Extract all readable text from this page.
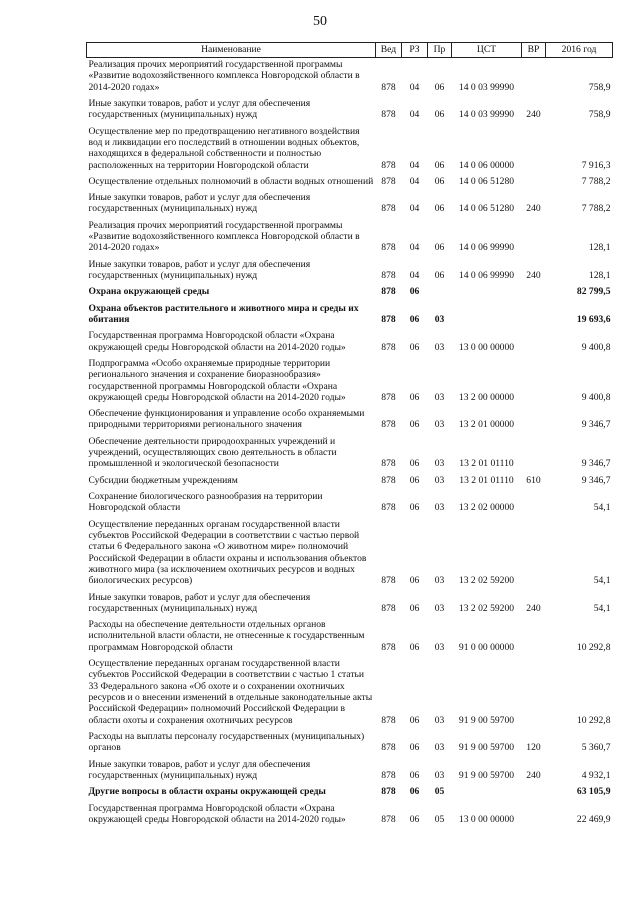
50
Наименование	Вед	РЗ	Пр	ЦСТ	ВР	2016 год
Реализация прочих мероприятий государственной программы «Развитие водохозяйственного комплекса Новгородской области в 2014-2020 годах»	878	04	06	14 0 03 99990		758,9
Иные закупки товаров, работ и услуг для обеспечения государственных (муниципальных) нужд	878	04	06	14 0 03 99990	240	758,9
Осуществление мер по предотвращению негативного воздействия вод и ликвидации его последствий в отношении водных объектов, находящихся в федеральной собственности и полностью расположенных на территории Новгородской области	878	04	06	14 0 06 00000		7 916,3
Осуществление отдельных полномочий в области водных отношений	878	04	06	14 0 06 51280		7 788,2
Иные закупки товаров, работ и услуг для обеспечения государственных (муниципальных) нужд	878	04	06	14 0 06 51280	240	7 788,2
Реализация прочих мероприятий государственной программы «Развитие водохозяйственного комплекса Новгородской области в 2014-2020 годах»	878	04	06	14 0 06 99990		128,1
Иные закупки товаров, работ и услуг для обеспечения государственных (муниципальных) нужд	878	04	06	14 0 06 99990	240	128,1
Охрана окружающей среды	878	06				82 799,5
Охрана объектов растительного и животного мира и среды их обитания	878	06	03			19 693,6
Государственная программа Новгородской области «Охрана окружающей среды Новгородской области на 2014-2020 годы»	878	06	03	13 0 00 00000		9 400,8
Подпрограмма «Особо охраняемые природные территории регионального значения и сохранение биоразнообразия» государственной программы Новгородской области «Охрана окружающей среды Новгородской области на 2014-2020 годы»	878	06	03	13 2 00 00000		9 400,8
Обеспечение функционирования и управление особо охраняемыми природными территориями регионального значения	878	06	03	13 2 01 00000		9 346,7
Обеспечение деятельности природоохранных учреждений и учреждений, осуществляющих свою деятельность в области промышленной и экологической безопасности	878	06	03	13 2 01 01110		9 346,7
Субсидии бюджетным учреждениям	878	06	03	13 2 01 01110	610	9 346,7
Сохранение биологического разнообразия на территории Новгородской области	878	06	03	13 2 02 00000		54,1
Осуществление переданных органам государственной власти субъектов Российской Федерации в соответствии с частью первой статьи 6 Федерального закона «О животном мире» полномочий Российской Федерации в области охраны и использования объектов животного мира (за исключением охотничьих ресурсов и водных биологических ресурсов)	878	06	03	13 2 02 59200		54,1
Иные закупки товаров, работ и услуг для обеспечения государственных (муниципальных) нужд	878	06	03	13 2 02 59200	240	54,1
Расходы на обеспечение деятельности отдельных органов исполнительной власти области, не отнесенные к государственным программам Новгородской области	878	06	03	91 0 00 00000		10 292,8
Осуществление переданных органам государственной власти субъектов Российской Федерации в соответствии с частью 1 статьи 33 Федерального закона «Об охоте и о сохранении охотничьих ресурсов и о внесении изменений в отдельные законодательные акты Российской Федерации» полномочий Российской Федерации в области охоты и сохранения охотничьих ресурсов	878	06	03	91 9 00 59700		10 292,8
Расходы на выплаты персоналу государственных (муниципальных) органов	878	06	03	91 9 00 59700	120	5 360,7
Иные закупки товаров, работ и услуг для обеспечения государственных (муниципальных) нужд	878	06	03	91 9 00 59700	240	4 932,1
Другие вопросы в области охраны окружающей среды	878	06	05			63 105,9
Государственная программа Новгородской области «Охрана окружающей среды Новгородской области на 2014-2020 годы»	878	06	05	13 0 00 00000		22 469,9
